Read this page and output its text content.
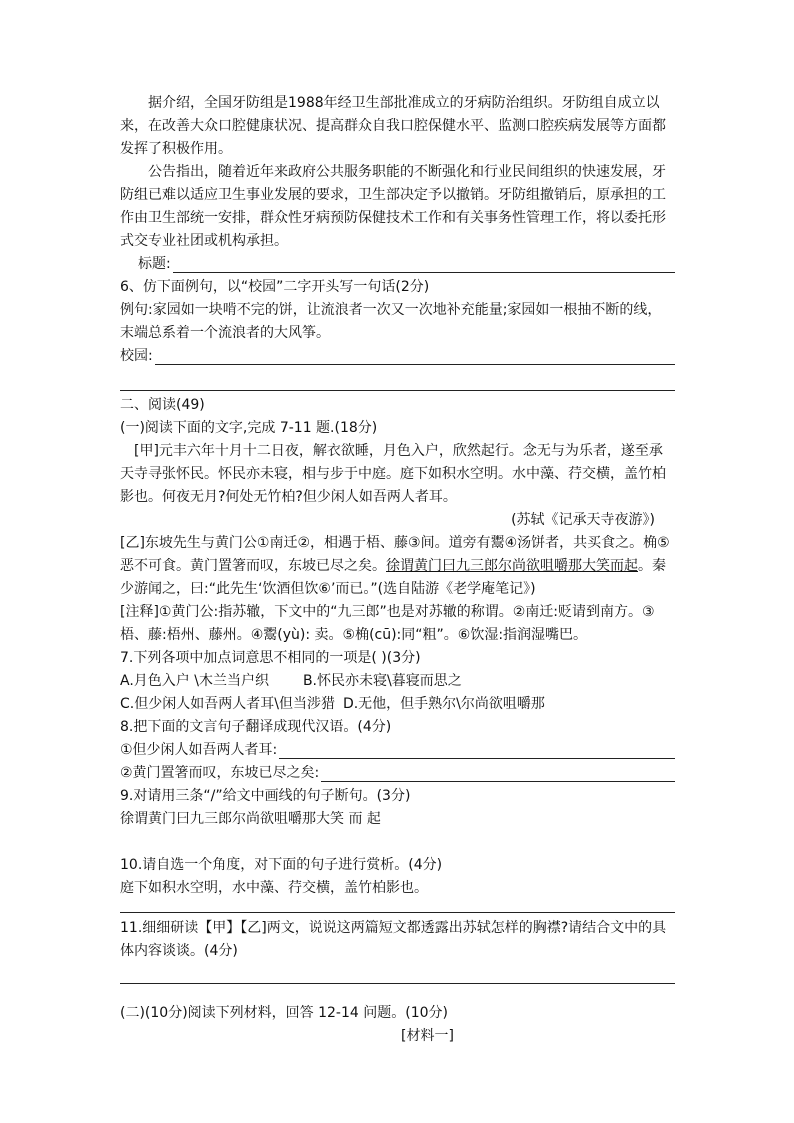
据介绍，全国牙防组是1988年经卫生部批准成立的牙病防治组织。牙防组自成立以来，在改善大众口腔健康状况、提高群众自我口腔保健水平、监测口腔疾病发展等方面都发挥了积极作用。

公告指出，随着近年来政府公共服务职能的不断强化和行业民间组织的快速发展，牙防组已难以适应卫生事业发展的要求，卫生部决定予以撤销。牙防组撤销后，原承担的工作由卫生部统一安排，群众性牙病预防保健技术工作和有关事务性管理工作，将以委托形式交专业社团或机构承担。

标题:

6、仿下面例句，以“校园”二字开头写一句话(2分)

例句:家园如一块啃不完的饼，让流浪者一次又一次地补充能量;家园如一根抽不断的线，末端总系着一个流浪者的大风筝。

校园:

二、阅读(49)

(一)阅读下面的文字,完成 7-11 题.(18分)

[甲]元丰六年十月十二日夜，解衣欲睡，月色入户，欣然起行。念无与为乐者，遂至承天寺寻张怀民。怀民亦未寝，相与步于中庭。庭下如积水空明。水中藻、荇交横，盖竹柏影也。何夜无月?何处无竹柏?但少闲人如吾两人者耳。

(苏轼《记承天寺夜游》)

[乙]东坡先生与黄门公①南迁②，相遇于梧、藤③间。道旁有鬻④汤饼者，共买食之。桷⑤恶不可食。黄门置箸而叹，东坡已尽之矣。徐谓黄门曰九三郎尔尚欲咀嚼那大笑而起。秦少游闻之，曰:“此先生‘饮酒但饮⑥’而已。”(选自陆游《老学庵笔记》)

[注释]①黄门公:指苏辙，下文中的“九三郎”也是对苏辙的称谓。②南迁:贬请到南方。③梧、藤:梧州、藤州。④鬻(yù): 卖。⑤桷(cū):同“粗”。⑥饮湿:指润湿嘴巴。

7.下列各项中加点词意思不相同的一项是( )(3分)

A.月色入户 \木兰当户织 B.怀民亦未寝\暮寝而思之

C.但少闲人如吾两人者耳\但当涉猎 D.无他，但手熟尔\尔尚欲咀嚼那

8.把下面的文言句子翻译成现代汉语。(4分)

①但少闲人如吾两人者耳:
②黄门置箸而叹，东坡已尽之矣:

9.对请用三条“/”给文中画线的句子断句。(3分)

徐谓黄门曰九三郎尔尚欲咀嚼那大笑 而 起

10.请自选一个角度，对下面的句子进行赏析。(4分)

庭下如积水空明，水中藻、荇交横，盖竹柏影也。

11.细细研读【甲】【乙]两文，说说这两篇短文都透露出苏轼怎样的胸襟?请结合文中的具体内容谈谈。(4分)

(二)(10分)阅读下列材料，回答 12-14 问题。(10分)

[材料一]
